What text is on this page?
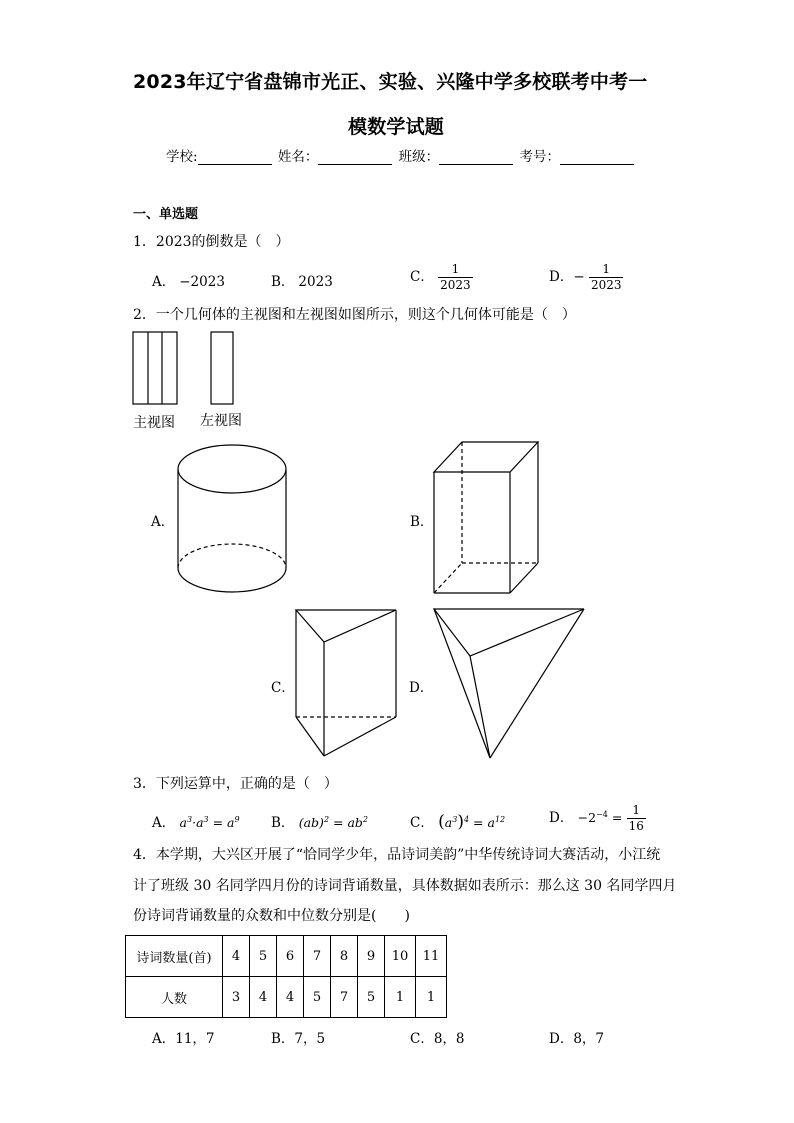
2023年辽宁省盘锦市光正、实验、兴隆中学多校联考中考一
模数学试题
学校:	姓名：	班级：	考号：
一、单选题
1．2023的倒数是（　）
A． −2023	B． 2023	C． $\frac{1}{2023}$	D．− $\frac{1}{2023}$
2．一个几何体的主视图和左视图如图所示，则这个几何体可能是（　）
主视图 左视图
A．	B．
C．	D．
3．下列运算中，正确的是（　）
A． $a^3\cdot a^3 = a^9$ B． $(ab)^2 = ab^2$	C． $(a^3)^4 = a^{12}$	D． $-2^{-4} = \frac{1}{16}$
4．本学期，大兴区开展了“恰同学少年，品诗词美韵”中华传统诗词大赛活动，小江统
计了班级 30 名同学四月份的诗词背诵数量，具体数据如表所示：那么这 30 名同学四月
份诗词背诵数量的众数和中位数分别是(　　)
诗词数量(首)	4	5	6	7	8	9	10	11
人数	3	4	4	5	7	5	1	1
A．11，7	B．7，5	C．8，8	D．8，7
